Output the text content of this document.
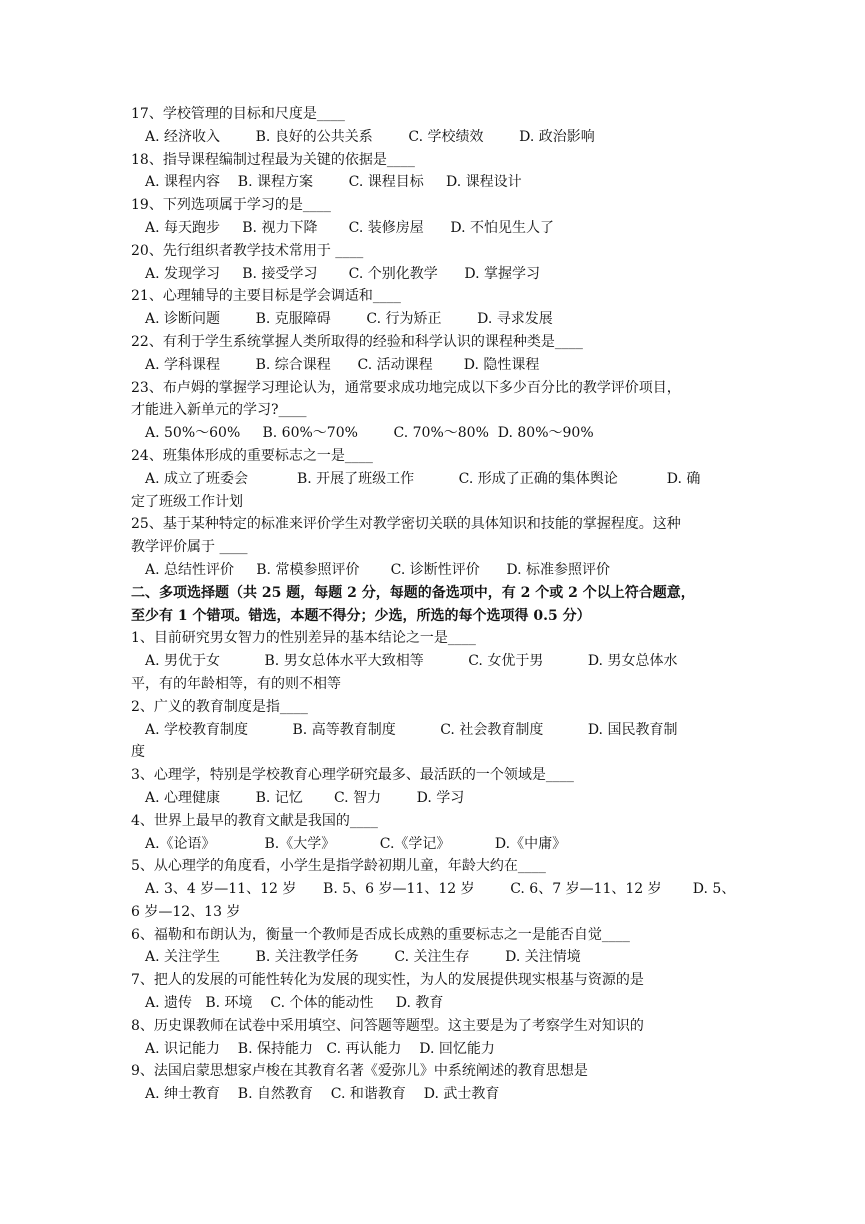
17、学校管理的目标和尺度是____
A. 经济收入        B. 良好的公共关系        C. 学校绩效        D. 政治影响
18、指导课程编制过程最为关键的依据是____
A. 课程内容    B. 课程方案        C. 课程目标     D. 课程设计
19、下列选项属于学习的是____
A. 每天跑步     B. 视力下降       C. 装修房屋      D. 不怕见生人了
20、先行组织者教学技术常用于 ____
A. 发现学习     B. 接受学习       C. 个别化教学      D. 掌握学习
21、心理辅导的主要目标是学会调适和____
A. 诊断问题        B. 克服障碍        C. 行为矫正        D. 寻求发展
22、有利于学生系统掌握人类所取得的经验和科学认识的课程种类是____
A. 学科课程        B. 综合课程      C. 活动课程       D. 隐性课程
23、布卢姆的掌握学习理论认为，通常要求成功地完成以下多少百分比的教学评价项目，
才能进入新单元的学习?____
A. 50%～60%     B. 60%～70%        C. 70%～80%  D. 80%～90%
24、班集体形成的重要标志之一是____
A. 成立了班委会           B. 开展了班级工作          C. 形成了正确的集体舆论           D. 确
定了班级工作计划
25、基于某种特定的标准来评价学生对教学密切关联的具体知识和技能的掌握程度。这种
教学评价属于 ____
A. 总结性评价     B. 常模参照评价       C. 诊断性评价      D. 标准参照评价
二、多项选择题（共 25 题，每题 2 分，每题的备选项中，有 2 个或 2 个以上符合题意，
至少有 1 个错项。错选，本题不得分；少选，所选的每个选项得 0.5 分）
1、目前研究男女智力的性别差异的基本结论之一是____
A. 男优于女          B. 男女总体水平大致相等          C. 女优于男          D. 男女总体水
平，有的年龄相等，有的则不相等
2、广义的教育制度是指____
A. 学校教育制度          B. 高等教育制度          C. 社会教育制度          D. 国民教育制
度
3、心理学，特别是学校教育心理学研究最多、最活跃的一个领域是____
A. 心理健康        B. 记忆       C. 智力        D. 学习
4、世界上最早的教育文献是我国的____
A.《论语》           B.《大学》          C.《学记》          D.《中庸》
5、从心理学的角度看，小学生是指学龄初期儿童，年龄大约在____
A. 3、4 岁—11、12 岁      B. 5、6 岁—11、12 岁        C. 6、7 岁—11、12 岁       D. 5、
6 岁—12、13 岁
6、福勒和布朗认为，衡量一个教师是否成长成熟的重要标志之一是能否自觉____
A. 关注学生        B. 关注教学任务        C. 关注生存        D. 关注情境
7、把人的发展的可能性转化为发展的现实性，为人的发展提供现实根基与资源的是
A. 遗传   B. 环境    C. 个体的能动性     D. 教育
8、历史课教师在试卷中采用填空、问答题等题型。这主要是为了考察学生对知识的
A. 识记能力    B. 保持能力   C. 再认能力    D. 回忆能力
9、法国启蒙思想家卢梭在其教育名著《爱弥儿》中系统阐述的教育思想是
A. 绅士教育    B. 自然教育    C. 和谐教育    D. 武士教育
